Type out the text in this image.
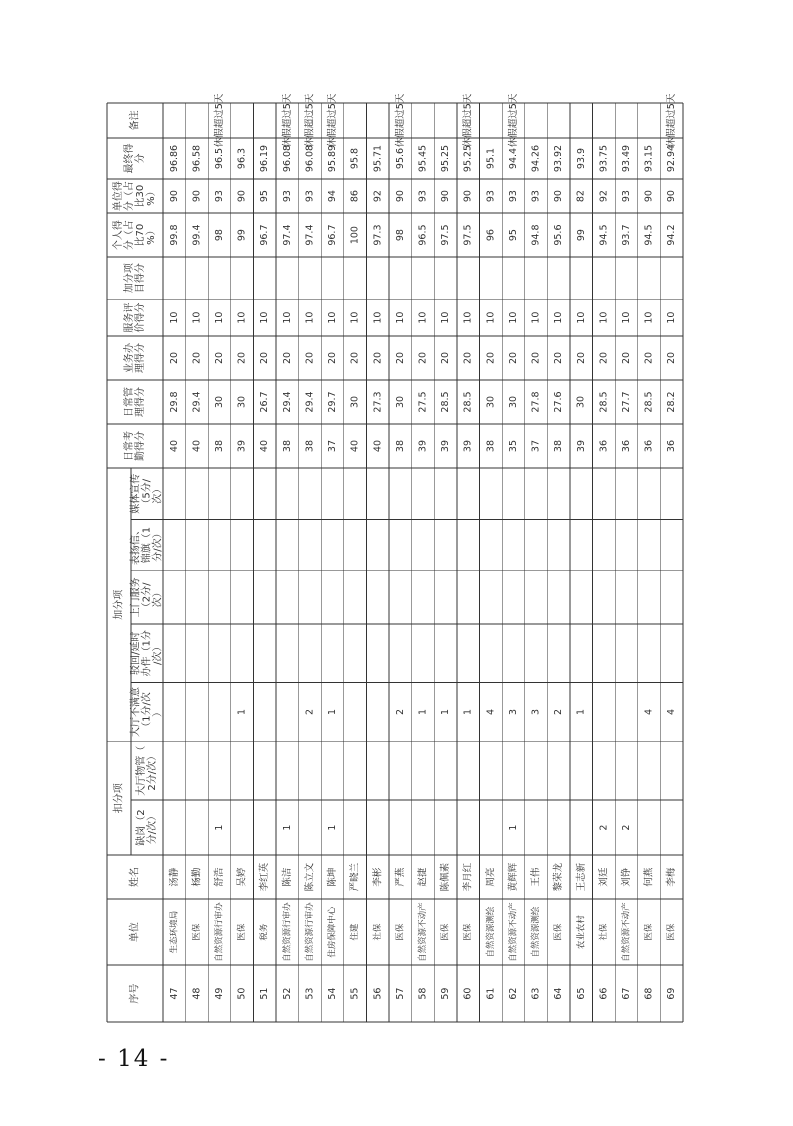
序号
单位
姓名
缺岗（2 分/次）
大厅物管（ 2分/次）
大厅不满意 （1分/次 ）
驳回/延时 办件（1分 /次）
上门服务 （2分/ 次）
表扬信、 锦旗（1 分/次）
媒体宣传 （5分/ 次）
日常考 勤得分
日常管 理得分
业务办 理得分
服务评 价得分
加分项 目得分
个人得 分（占 比70 %）
单位得 分（占 比30 %）
最终得 分
备注
扣分项
加分项
47
生态环境局
汤静
40
29.8
20
10
99.8
90
96.86
48
医保
杨勤
40
29.4
20
10
99.4
90
96.58
49
自然资源行审办
舒浩
1
38
30
20
10
98
93
96.5
休假超过5天
50
医保
吴婷
1
39
30
20
10
99
90
96.3
51
税务
李红英
40
26.7
20
10
96.7
95
96.19
52
自然资源行审办
陈洁
1
38
29.4
20
10
97.4
93
96.08
休假超过5天
53
自然资源行审办
陈立文
2
38
29.4
20
10
97.4
93
96.08
休假超过5天
54
住房保障中心
陈坤
1
1
37
29.7
20
10
96.7
94
95.89
休假超过5天
55
住建
严晓兰
40
30
20
10
100
86
95.8
56
社保
李彬
40
27.3
20
10
97.3
92
95.71
57
医保
严燕
2
38
30
20
10
98
90
95.6
休假超过5天
58
自然资源不动产
赵捷
1
39
27.5
20
10
96.5
93
95.45
59
医保
陈佩素
1
39
28.5
20
10
97.5
90
95.25
60
医保
李月红
1
39
28.5
20
10
97.5
90
95.25
休假超过5天
61
自然资源测绘
周亮
4
38
30
20
10
96
93
95.1
62
自然资源不动产
黄辉辉
1
3
35
30
20
10
95
93
94.4
休假超过5天
63
自然资源测绘
王伟
3
37
27.8
20
10
94.8
93
94.26
64
医保
黎荣龙
2
38
27.6
20
10
95.6
90
93.92
65
农业农村
王志新
1
39
30
20
10
99
82
93.9
66
社保
刘廷
2
36
28.5
20
10
94.5
92
93.75
67
自然资源不动产
刘铮
2
36
27.7
20
10
93.7
93
93.49
68
医保
何燕
4
36
28.5
20
10
94.5
90
93.15
69
医保
李梅
4
36
28.2
20
10
94.2
90
92.94
休假超过5天
- 14 -
